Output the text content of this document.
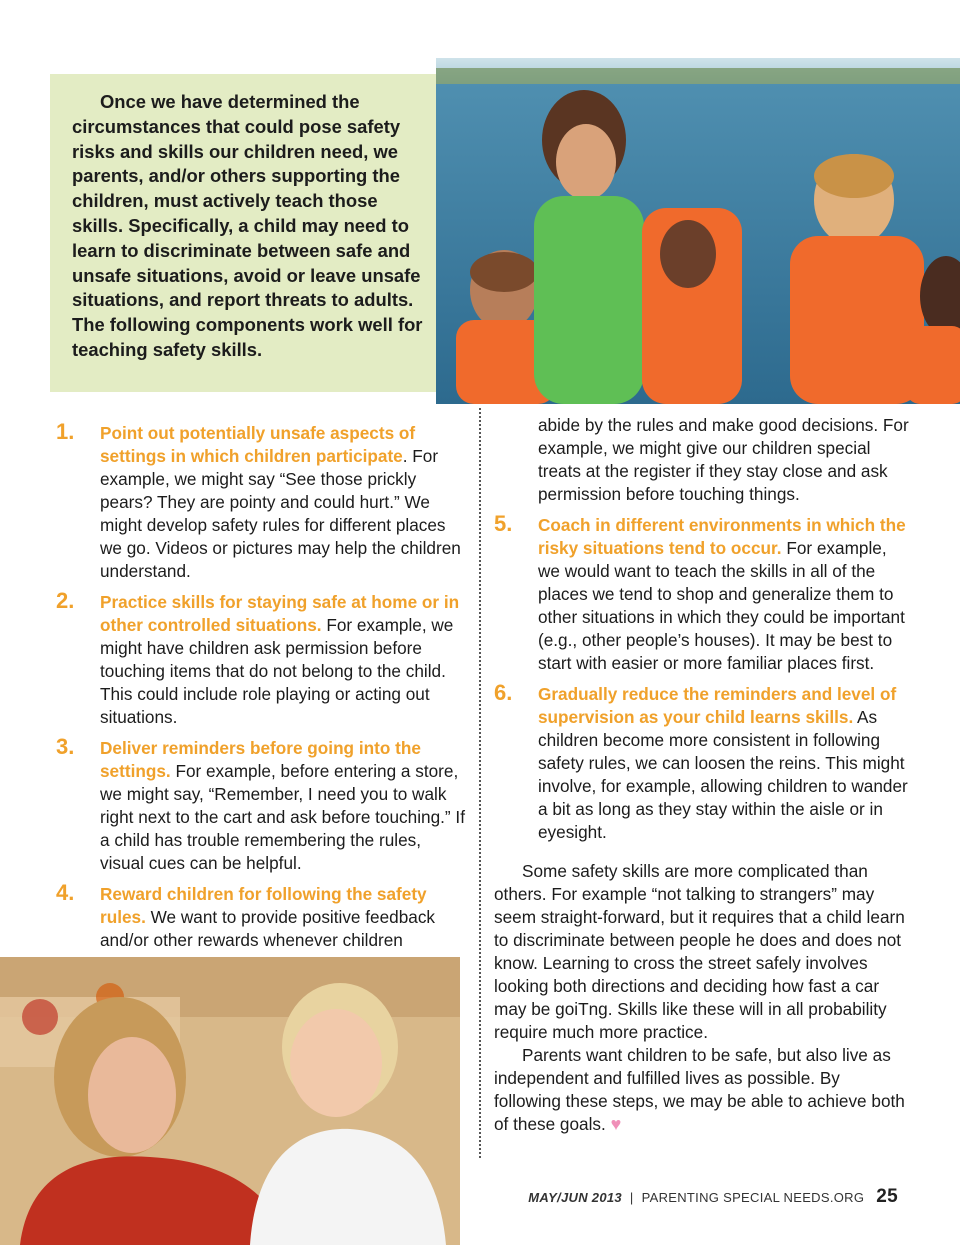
Once we have determined the circumstances that could pose safety risks and skills our children need, we parents, and/or others supporting the children, must actively teach those skills. Specifically, a child may need to learn to discriminate between safe and unsafe situations, avoid or leave unsafe situations, and report threats to adults. The following components work well for teaching safety skills.

1. Point out potentially unsafe aspects of settings in which children participate. For example, we might say “See those prickly pears? They are pointy and could hurt.” We might develop safety rules for different places we go. Videos or pictures may help the children understand.
2. Practice skills for staying safe at home or in other controlled situations. For example, we might have children ask permission before touching items that do not belong to the child. This could include role playing or acting out situations.
3. Deliver reminders before going into the settings. For example, before entering a store, we might say, “Remember, I need you to walk right next to the cart and ask before touching.” If a child has trouble remembering the rules, visual cues can be helpful.
4. Reward children for following the safety rules. We want to provide positive feedback and/or other rewards whenever children
abide by the rules and make good decisions. For example, we might give our children special treats at the register if they stay close and ask permission before touching things.
5. Coach in different environments in which the risky situations tend to occur. For example, we would want to teach the skills in all of the places we tend to shop and generalize them to other situations in which they could be important (e.g., other people’s houses). It may be best to start with easier or more familiar places first.
6. Gradually reduce the reminders and level of supervision as your child learns skills. As children become more consistent in following safety rules, we can loosen the reins. This might involve, for example, allowing children to wander a bit as long as they stay within the aisle or in eyesight.

Some safety skills are more complicated than others. For example “not talking to strangers” may seem straight-forward, but it requires that a child learn to discriminate between people he does and does not know. Learning to cross the street safely involves looking both directions and deciding how fast a car may be goiTng. Skills like these will in all probability require much more practice.

Parents want children to be safe, but also live as independent and fulfilled lives as possible. By following these steps, we may be able to achieve both of these goals. ♥

MAY/JUN 2013 | PARENTING SPECIAL NEEDS.ORG 25
